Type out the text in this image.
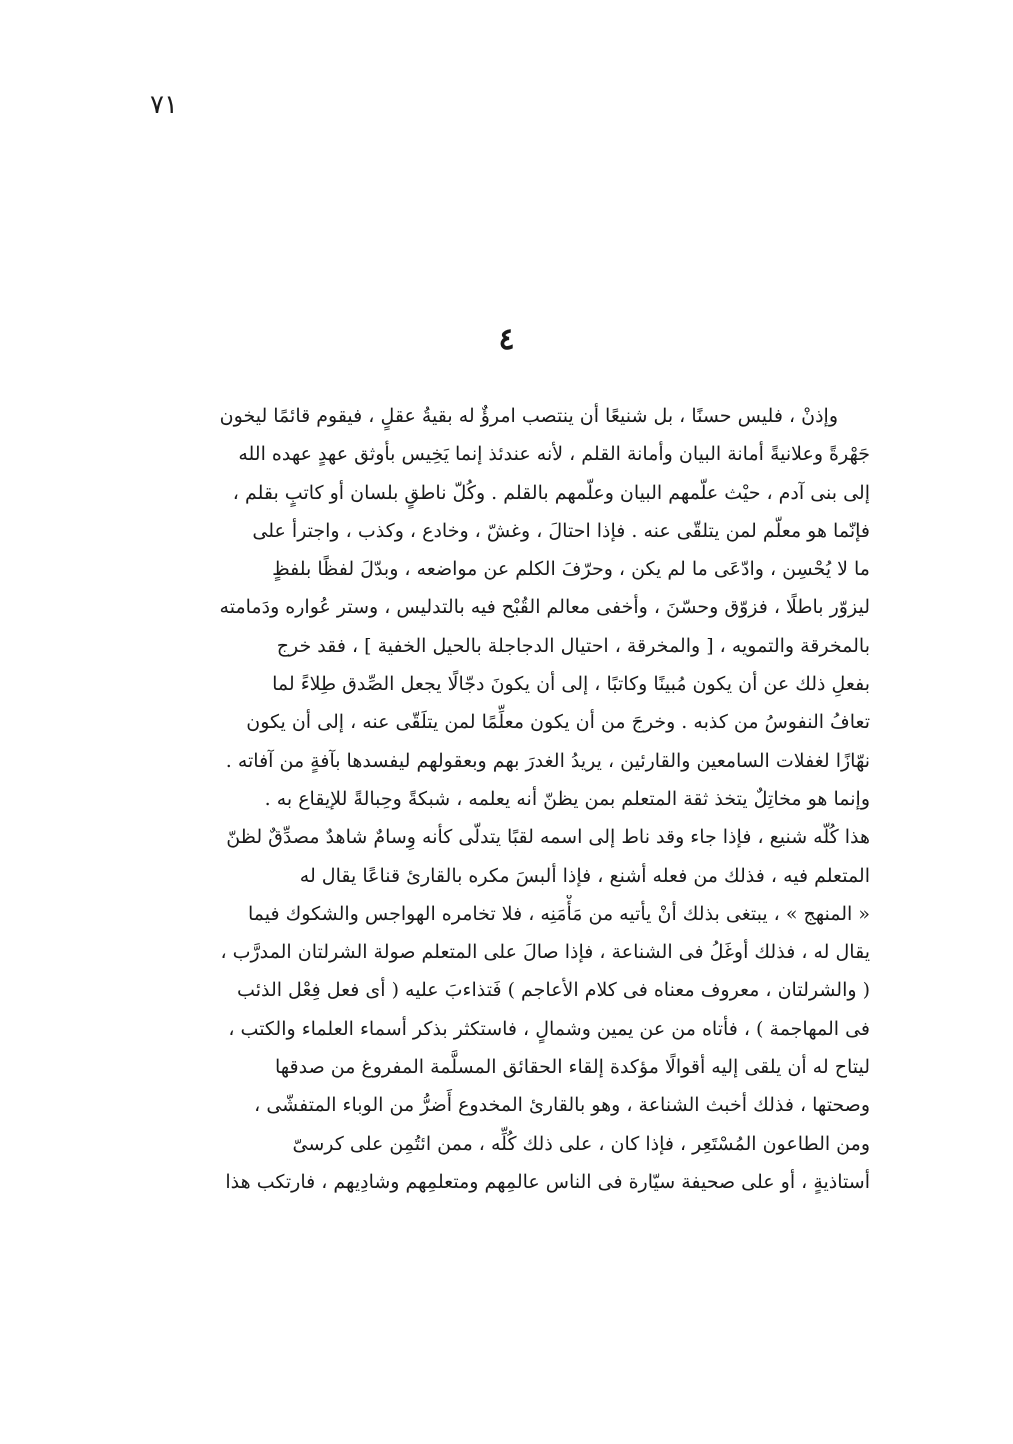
٧١
٤
وإذنْ ، فليس حسنًا ، بل شنيعًا أن ينتصب امرؤٌ له بقيةُ عقلٍ ، فيقوم قائمًا ليخون
جَهْرةً وعلانيةً أمانة البيان وأمانة القلم ، لأنه عندئذ إنما يَخِيس بأوثق عهدٍ عهده الله
إلى بنى آدم ، حيْث علّمهم البيان وعلّمهم بالقلم . وكُلّ ناطقٍ بلسان أو كاتبٍ بقلم ،
فإنّما هو معلّم لمن يتلقّى عنه . فإذا احتالَ ، وغشّ ، وخادع ، وكذب ، واجترأ على
ما لا يُحْسِن ، وادّعَى ما لم يكن ، وحرّفَ الكلم عن مواضعه ، وبدّلَ لفظًا بلفظٍ
ليزوّر باطلًا ، فزوّق وحسّنَ ، وأخفى معالم القُبْح فيه بالتدليس ، وستر عُواره ودَمامته
بالمخرقة والتمويه ، [ والمخرقة ، احتيال الدجاجلة بالحيل الخفية ] ، فقد خرج
بفعلِ ذلك عن أن يكون مُبينًا وكاتبًا ، إلى أن يكونَ دجّالًا يجعل الصِّدق طِلاءً لما
تعافُ النفوسُ من كذبه . وخرجَ من أن يكون معلِّمًا لمن يتلَقّى عنه ، إلى أن يكون
نهّازًا لغفلات السامعين والقارئين ، يريدُ الغدرَ بهم وبعقولهم ليفسدها بآفةٍ من آفاته .
وإنما هو مخاتِلٌ يتخذ ثقة المتعلم بمن يظنّ أنه يعلمه ، شبكةً وحِبالةً للإيقاع به .
هذا كُلّه شنيع ، فإذا جاء وقد ناط إلى اسمه لقبًا يتدلّى كأنه وِسامٌ شاهدٌ مصدِّقٌ لظنّ
المتعلم فيه ، فذلك من فعله أشنع ، فإذا ألبسَ مكره بالقارئ قناعًا يقال له
« المنهج » ، يبتغى بذلك أنْ يأتيه من مَأْمَنِه ، فلا تخامره الهواجس والشكوك فيما
يقال له ، فذلك أوغَلُ فى الشناعة ، فإذا صالَ على المتعلم صولة الشرلتان المدرَّب ،
( والشرلتان ، معروف معناه فى كلام الأعاجم ) فَتذاءبَ عليه ( أى فعل فِعْل الذئب
فى المهاجمة ) ، فأتاه من عن يمين وشمالٍ ، فاستكثر بذكر أسماء العلماء والكتب ،
ليتاح له أن يلقى إليه أقوالًا مؤكدة إلقاء الحقائق المسلَّمة المفروغ من صدقها
وصحتها ، فذلك أخبث الشناعة ، وهو بالقارئ المخدوع أَضرُّ من الوباء المتفشّى ،
ومن الطاعون المُسْتَعِر ، فإذا كان ، على ذلك كُلِّه ، ممن ائتُمِن على كرسىّ
أستاذيةٍ ، أو على صحيفة سيّارة فى الناس عالمِهم ومتعلمِهم وشادِيهم ، فارتكب هذا
